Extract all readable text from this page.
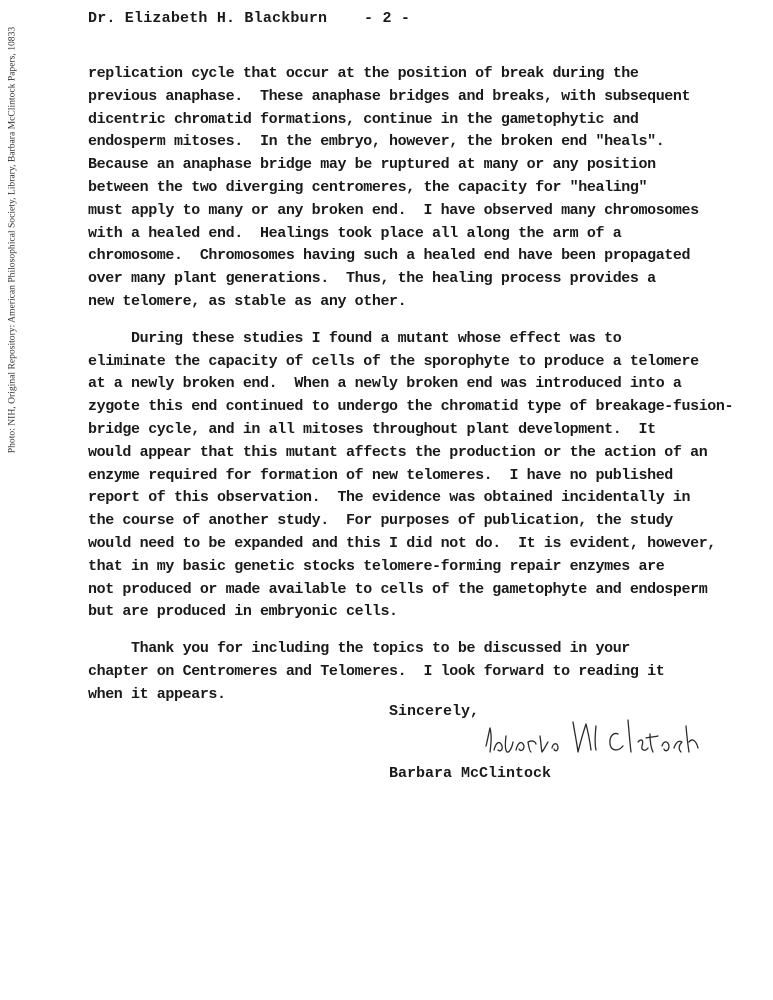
Photo: NIH, Original Repository: American Philosophical Society, Library, Barbara McClintock Papers, 10833
Dr. Elizabeth H. Blackburn    - 2 -
replication cycle that occur at the position of break during the
previous anaphase.  These anaphase bridges and breaks, with subsequent
dicentric chromatid formations, continue in the gametophytic and
endosperm mitoses.  In the embryo, however, the broken end "heals".
Because an anaphase bridge may be ruptured at many or any position
between the two diverging centromeres, the capacity for "healing"
must apply to many or any broken end.  I have observed many chromosomes
with a healed end.  Healings took place all along the arm of a
chromosome.  Chromosomes having such a healed end have been propagated
over many plant generations.  Thus, the healing process provides a
new telomere, as stable as any other.
During these studies I found a mutant whose effect was to
eliminate the capacity of cells of the sporophyte to produce a telomere
at a newly broken end.  When a newly broken end was introduced into a
zygote this end continued to undergo the chromatid type of breakage-fusion-
bridge cycle, and in all mitoses throughout plant development.  It
would appear that this mutant affects the production or the action of an
enzyme required for formation of new telomeres.  I have no published
report of this observation.  The evidence was obtained incidentally in
the course of another study.  For purposes of publication, the study
would need to be expanded and this I did not do.  It is evident, however,
that in my basic genetic stocks telomere-forming repair enzymes are
not produced or made available to cells of the gametophyte and endosperm
but are produced in embryonic cells.
Thank you for including the topics to be discussed in your
chapter on Centromeres and Telomeres.  I look forward to reading it
when it appears.
Sincerely,
Barbara McClintock
